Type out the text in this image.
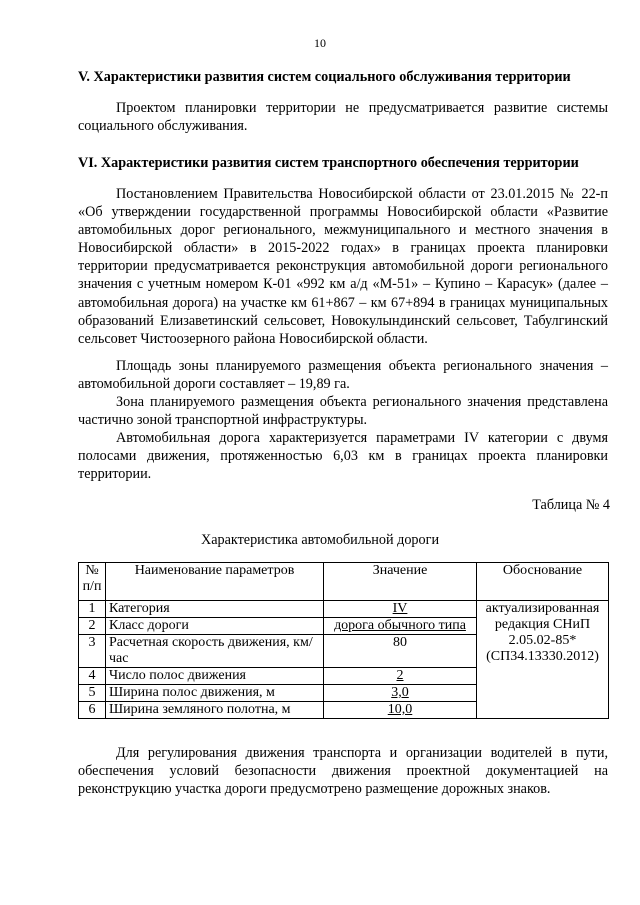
10
V. Характеристики развития систем социального обслуживания территории

Проектом планировки территории не предусматривается развитие системы социального обслуживания.

VI. Характеристики развития систем транспортного обеспечения территории

Постановлением Правительства Новосибирской области от 23.01.2015 № 22-п «Об утверждении государственной программы Новосибирской области «Развитие автомобильных дорог регионального, межмуниципального и местного значения в Новосибирской области» в 2015-2022 годах» в границах проекта планировки территории предусматривается реконструкция автомобильной дороги регионального значения с учетным номером К-01 «992 км а/д «М-51» – Купино – Карасук» (далее – автомобильная дорога) на участке км 61+867 – км 67+894 в границах муниципальных образований Елизаветинский сельсовет, Новокулындинский сельсовет, Табулгинский сельсовет Чистоозерного района Новосибирской области.

Площадь зоны планируемого размещения объекта регионального значения – автомобильной дороги составляет – 19,89 га.

Зона планируемого размещения объекта регионального значения представлена частично зоной транспортной инфраструктуры.

Автомобильная дорога характеризуется параметрами IV категории с двумя полосами движения, протяженностью 6,03 км в границах проекта планировки территории.

Таблица № 4
Характеристика автомобильной дороги
№ п/п	Наименование параметров	Значение	Обоснование
1	Категория	IV	актуализированная редакция СНиП 2.05.02-85* (СП34.13330.2012)
2	Класс дороги	дорога обычного типа	
3	Расчетная скорость движения, км/час	80	
4	Число полос движения	2	
5	Ширина полос движения, м	3,0	
6	Ширина земляного полотна, м	10,0	

Для регулирования движения транспорта и организации водителей в пути, обеспечения условий безопасности движения проектной документацией на реконструкцию участка дороги предусмотрено размещение дорожных знаков.
